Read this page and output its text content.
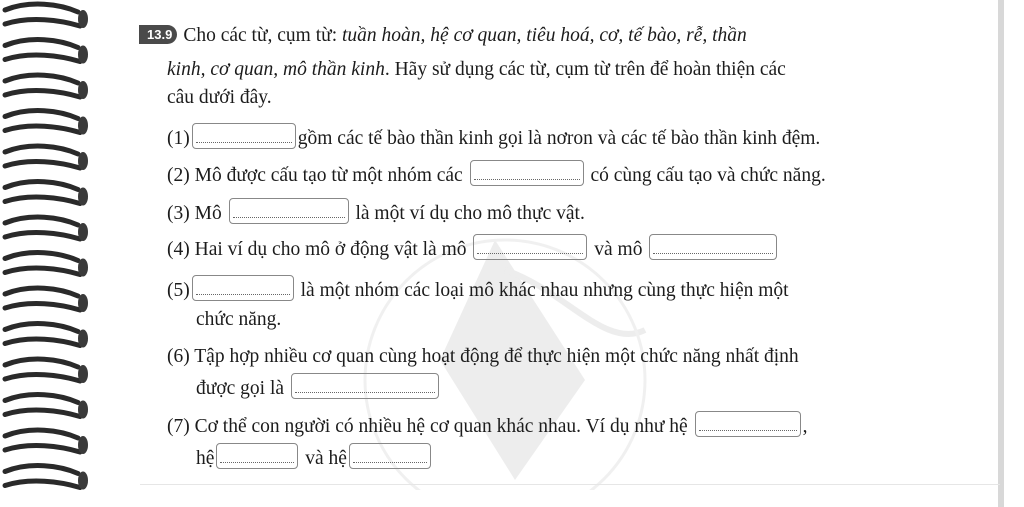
13.9 Cho các từ, cụm từ: tuần hoàn, hệ cơ quan, tiêu hoá, cơ, tế bào, rễ, thần
kinh, cơ quan, mô thần kinh. Hãy sử dụng các từ, cụm từ trên để hoàn thiện các
câu dưới đây.
(1)	gồm các tế bào thần kinh gọi là nơron và các tế bào thần kinh đệm.
(2) Mô được cấu tạo từ một nhóm các	có cùng cấu tạo và chức năng.
(3) Mô	là một ví dụ cho mô thực vật.
(4) Hai ví dụ cho mô ở động vật là mô	và mô
(5)	là một nhóm các loại mô khác nhau nhưng cùng thực hiện một
chức năng.
(6) Tập hợp nhiều cơ quan cùng hoạt động để thực hiện một chức năng nhất định
được gọi là
(7) Cơ thể con người có nhiều hệ cơ quan khác nhau. Ví dụ như hệ	,
hệ	và hệ
